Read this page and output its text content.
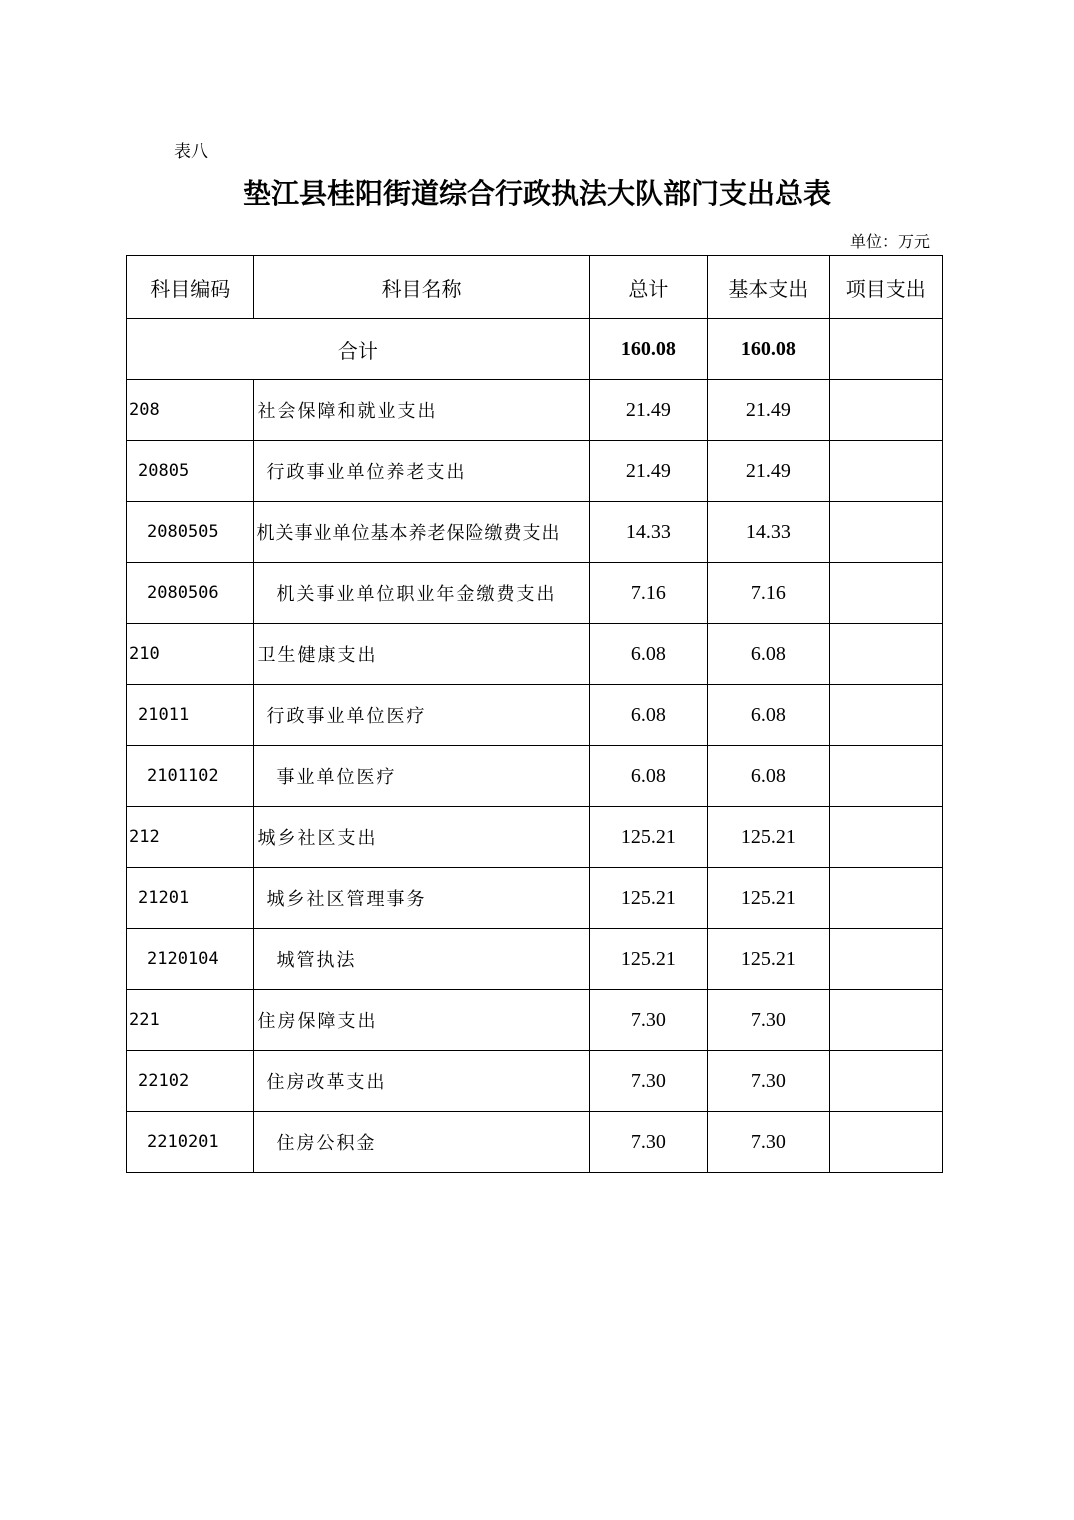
表八
垫江县桂阳街道综合行政执法大队部门支出总表
单位：万元
科目编码	科目名称	总计	基本支出	项目支出
合计		160.08	160.08	
208	社会保障和就业支出	21.49	21.49	
20805	行政事业单位养老支出	21.49	21.49	
2080505	机关事业单位基本养老保险缴费支出	14.33	14.33	
2080506	机关事业单位职业年金缴费支出	7.16	7.16	
210	卫生健康支出	6.08	6.08	
21011	行政事业单位医疗	6.08	6.08	
2101102	事业单位医疗	6.08	6.08	
212	城乡社区支出	125.21	125.21	
21201	城乡社区管理事务	125.21	125.21	
2120104	城管执法	125.21	125.21	
221	住房保障支出	7.30	7.30	
22102	住房改革支出	7.30	7.30	
2210201	住房公积金	7.30	7.30	
